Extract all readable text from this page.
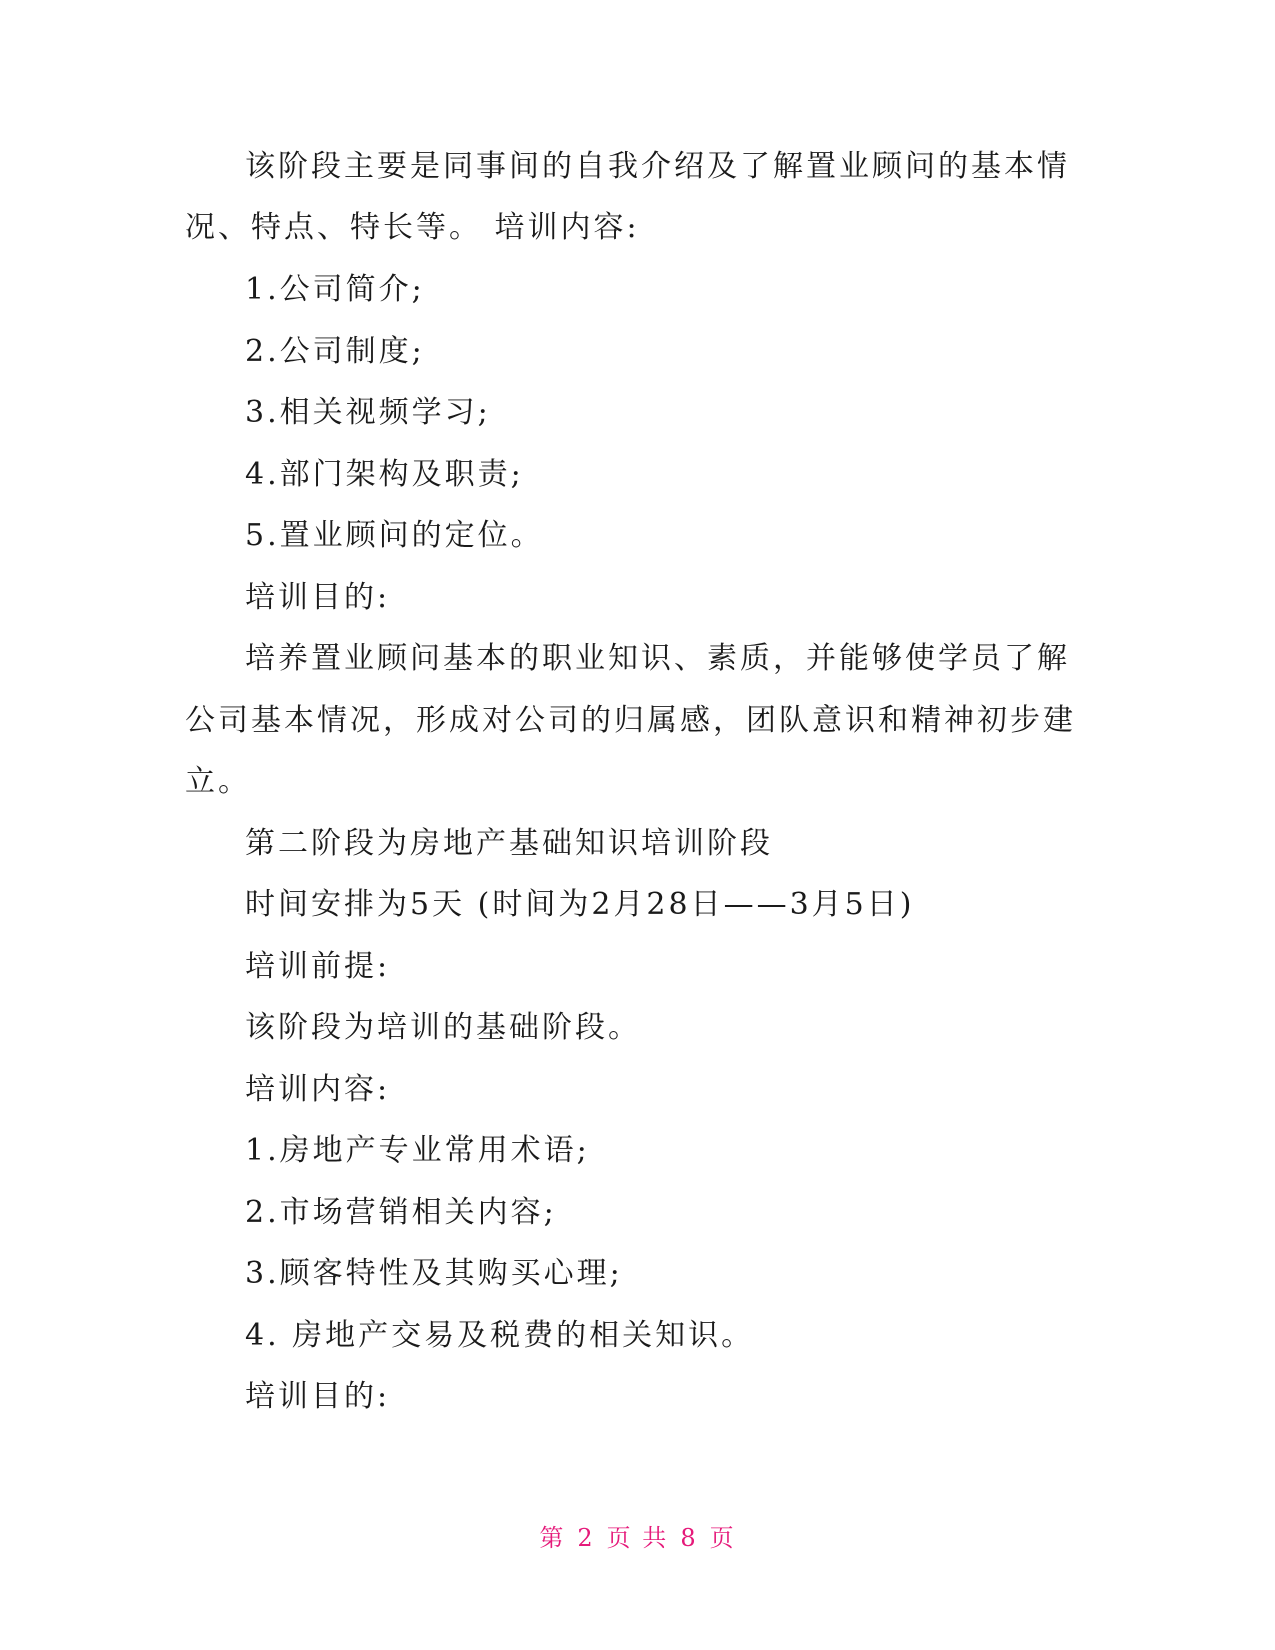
该阶段主要是同事间的自我介绍及了解置业顾问的基本情
况、特点、特长等。 培训内容:
1.公司简介;
2.公司制度;
3.相关视频学习;
4.部门架构及职责;
5.置业顾问的定位。
培训目的:
培养置业顾问基本的职业知识、素质，并能够使学员了解
公司基本情况，形成对公司的归属感，团队意识和精神初步建
立。
第二阶段为房地产基础知识培训阶段
时间安排为5天 (时间为2月28日——3月5日)
培训前提:
该阶段为培训的基础阶段。
培训内容:
1.房地产专业常用术语;
2.市场营销相关内容;
3.顾客特性及其购买心理;
4. 房地产交易及税费的相关知识。
培训目的:
第 2 页 共 8 页
